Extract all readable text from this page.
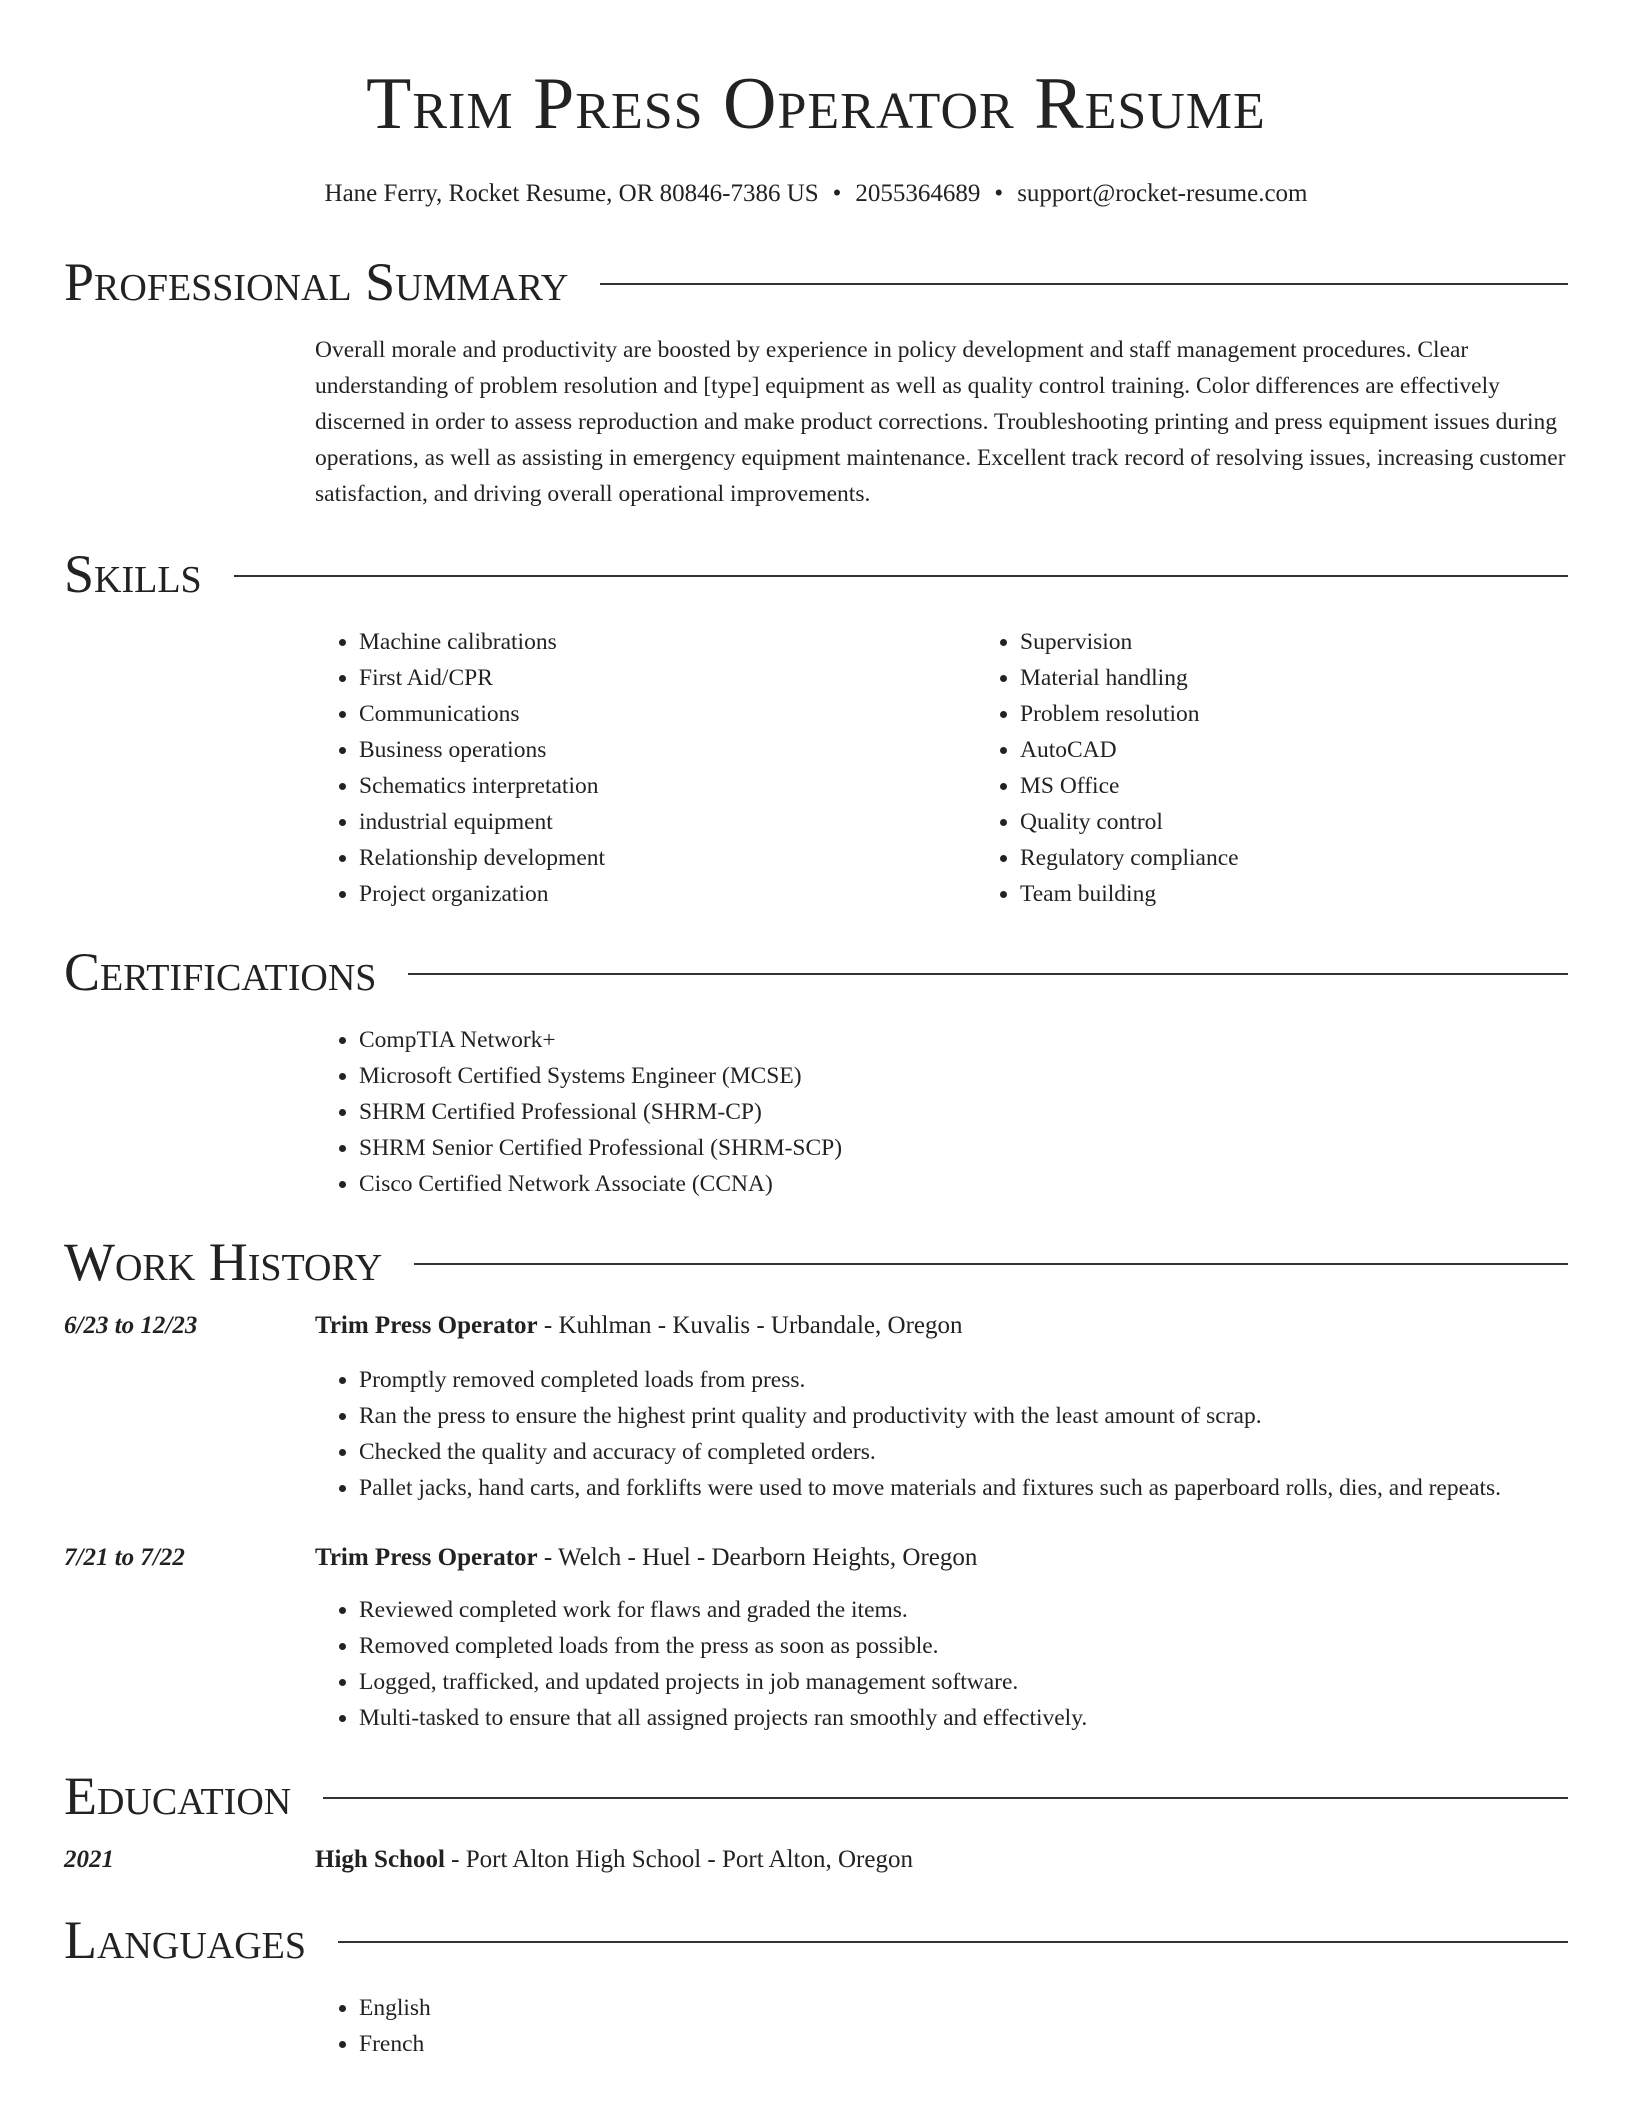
Trim Press Operator Resume
Hane Ferry, Rocket Resume, OR 80846-7386 US • 2055364689 • support@rocket-resume.com
Professional Summary

Overall morale and productivity are boosted by experience in policy development and staff management procedures. Clear understanding of problem resolution and [type] equipment as well as quality control training. Color differences are effectively discerned in order to assess reproduction and make product corrections. Troubleshooting printing and press equipment issues during operations, as well as assisting in emergency equipment maintenance. Excellent track record of resolving issues, increasing customer satisfaction, and driving overall operational improvements.

Skills
• Machine calibrations
• First Aid/CPR
• Communications
• Business operations
• Schematics interpretation
• industrial equipment
• Relationship development
• Project organization
• Supervision
• Material handling
• Problem resolution
• AutoCAD
• MS Office
• Quality control
• Regulatory compliance
• Team building
Certifications
• CompTIA Network+
• Microsoft Certified Systems Engineer (MCSE)
• SHRM Certified Professional (SHRM-CP)
• SHRM Senior Certified Professional (SHRM-SCP)
• Cisco Certified Network Associate (CCNA)
Work History
6/23 to 12/23	Trim Press Operator - Kuhlman - Kuvalis - Urbandale, Oregon
• Promptly removed completed loads from press.
• Ran the press to ensure the highest print quality and productivity with the least amount of scrap.
• Checked the quality and accuracy of completed orders.
• Pallet jacks, hand carts, and forklifts were used to move materials and fixtures such as paperboard rolls, dies, and repeats.
7/21 to 7/22	Trim Press Operator - Welch - Huel - Dearborn Heights, Oregon
• Reviewed completed work for flaws and graded the items.
• Removed completed loads from the press as soon as possible.
• Logged, trafficked, and updated projects in job management software.
• Multi-tasked to ensure that all assigned projects ran smoothly and effectively.
Education
2021	High School - Port Alton High School - Port Alton, Oregon
Languages
• English
• French
